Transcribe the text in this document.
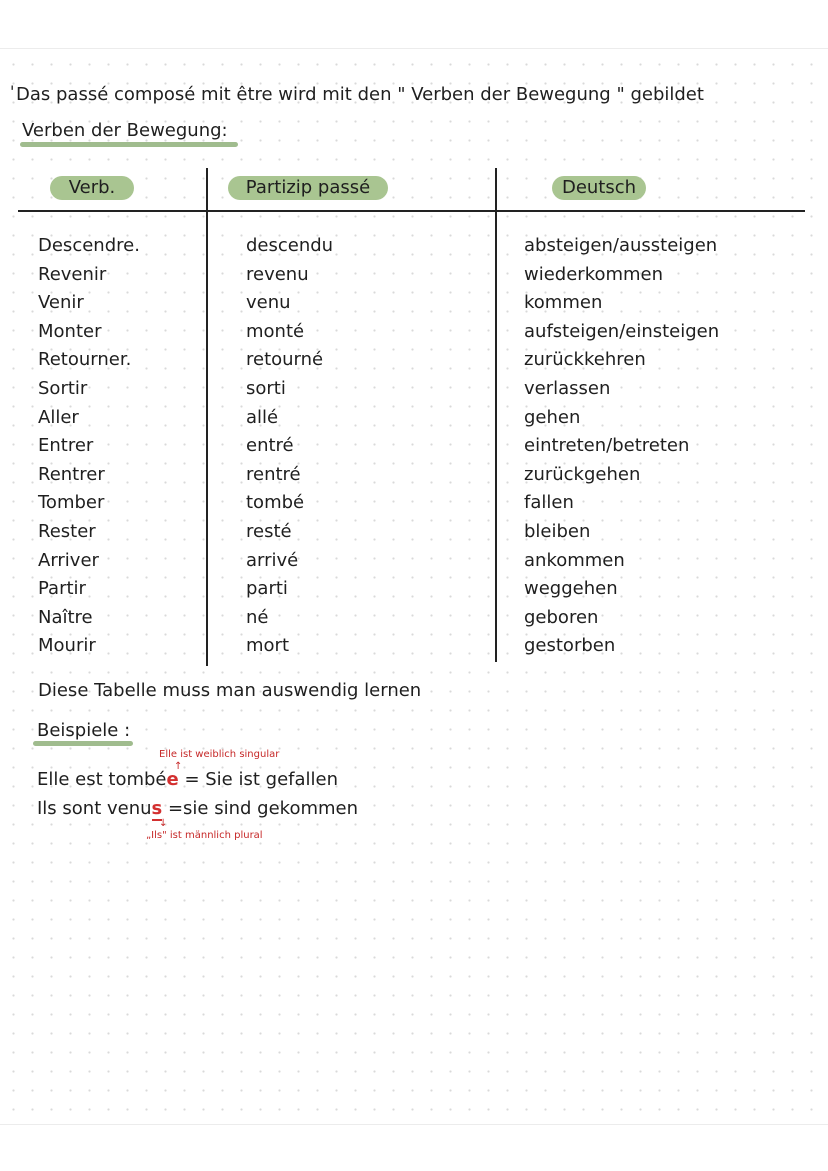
' Das passé composé mit être wird mit den " Verben der Bewegung " gebildet
Verben der Bewegung:
Verb.	Partizip passé	Deutsch
Descendre.
Revenir
Venir
Monter
Retourner.
Sortir
Aller
Entrer
Rentrer
Tomber
Rester
Arriver
Partir
Naître
Mourir
descendu
revenu
venu
monté
retourné
sorti
allé
entré
rentré
tombé
resté
arrivé
parti
né
mort
absteigen/aussteigen
wiederkommen
kommen
aufsteigen/einsteigen
zurückkehren
verlassen
gehen
eintreten/betreten
zurückgehen
fallen
bleiben
ankommen
weggehen
geboren
gestorben
Diese Tabelle muss man auswendig lernen
Beispiele :
Elle ist weiblich singular
↑
Elle est tombée = Sie ist gefallen
Ils sont venus =sie sind gekommen
↓
„Ils" ist männlich plural
